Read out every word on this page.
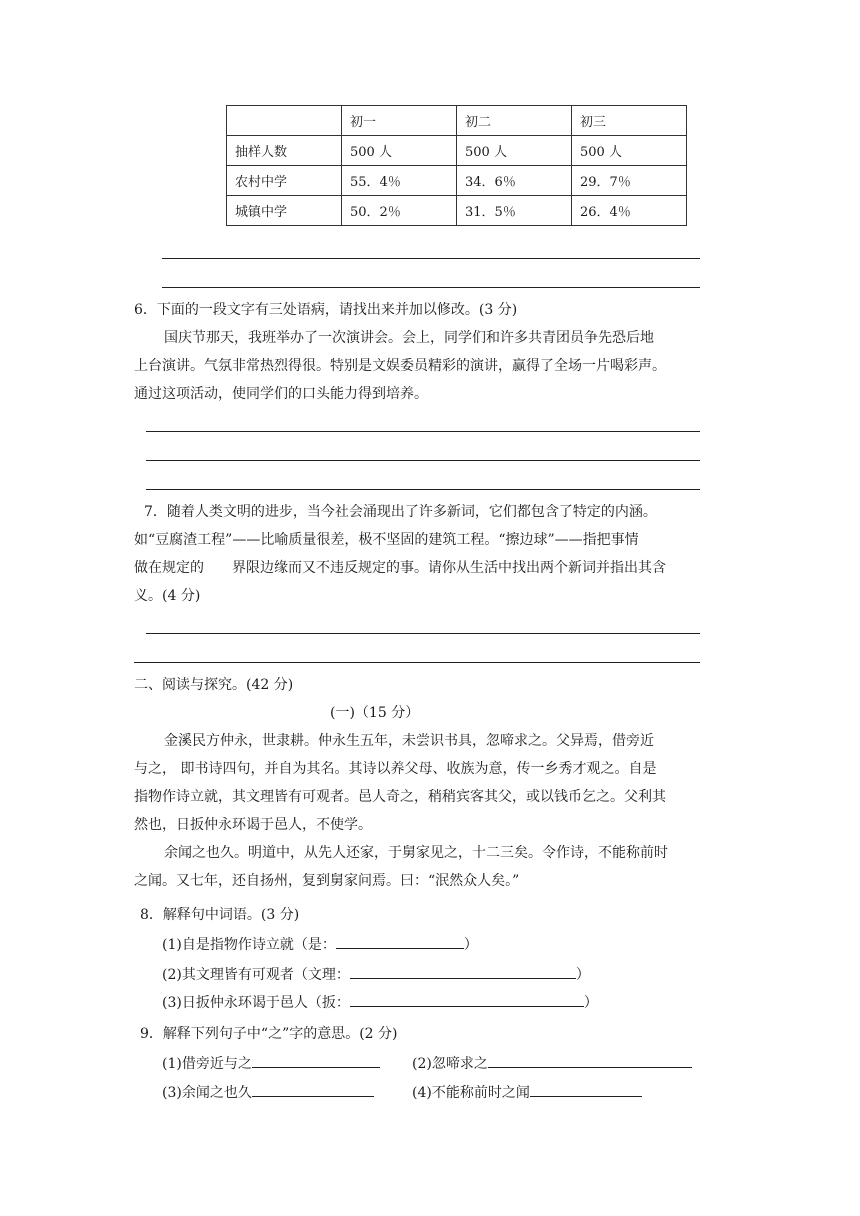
	初一	初二	初三
抽样人数	500 人	500 人	500 人
农村中学	55．4％	34．6％	29．7％
城镇中学	50．2％	31．5％	26．4％
6．下面的一段文字有三处语病，请找出来并加以修改。(3 分)
国庆节那天，我班举办了一次演讲会。会上，同学们和许多共青团员争先恐后地
上台演讲。气氛非常热烈得很。特别是文娱委员精彩的演讲，赢得了全场一片喝彩声。
通过这项活动，使同学们的口头能力得到培养。
7．随着人类文明的进步，当今社会涌现出了许多新词，它们都包含了特定的内涵。
如“豆腐渣工程”——比喻质量很差，极不坚固的建筑工程。“擦边球”——指把事情
做在规定的　　界限边缘而又不违反规定的事。请你从生活中找出两个新词并指出其含
义。(4 分)
二、阅读与探究。(42 分)
(一)（15 分）
金溪民方仲永，世隶耕。仲永生五年，未尝识书具，忽啼求之。父异焉，借旁近
与之， 即书诗四句，并自为其名。其诗以养父母、收族为意，传一乡秀才观之。自是
指物作诗立就，其文理皆有可观者。邑人奇之，稍稍宾客其父，或以钱币乞之。父利其
然也，日扳仲永环谒于邑人，不使学。
余闻之也久。明道中，从先人还家，于舅家见之，十二三矣。令作诗，不能称前时
之闻。又七年，还自扬州，复到舅家问焉。曰：“泯然众人矣。”
8．解释句中词语。(3 分)
(1)自是指物作诗立就（是：	）
(2)其文理皆有可观者（文理：	）
(3)日扳仲永环谒于邑人（扳：	）
9．解释下列句子中“之”字的意思。(2 分)
(1)借旁近与之	(2)忽啼求之
(3)余闻之也久	(4)不能称前时之闻
